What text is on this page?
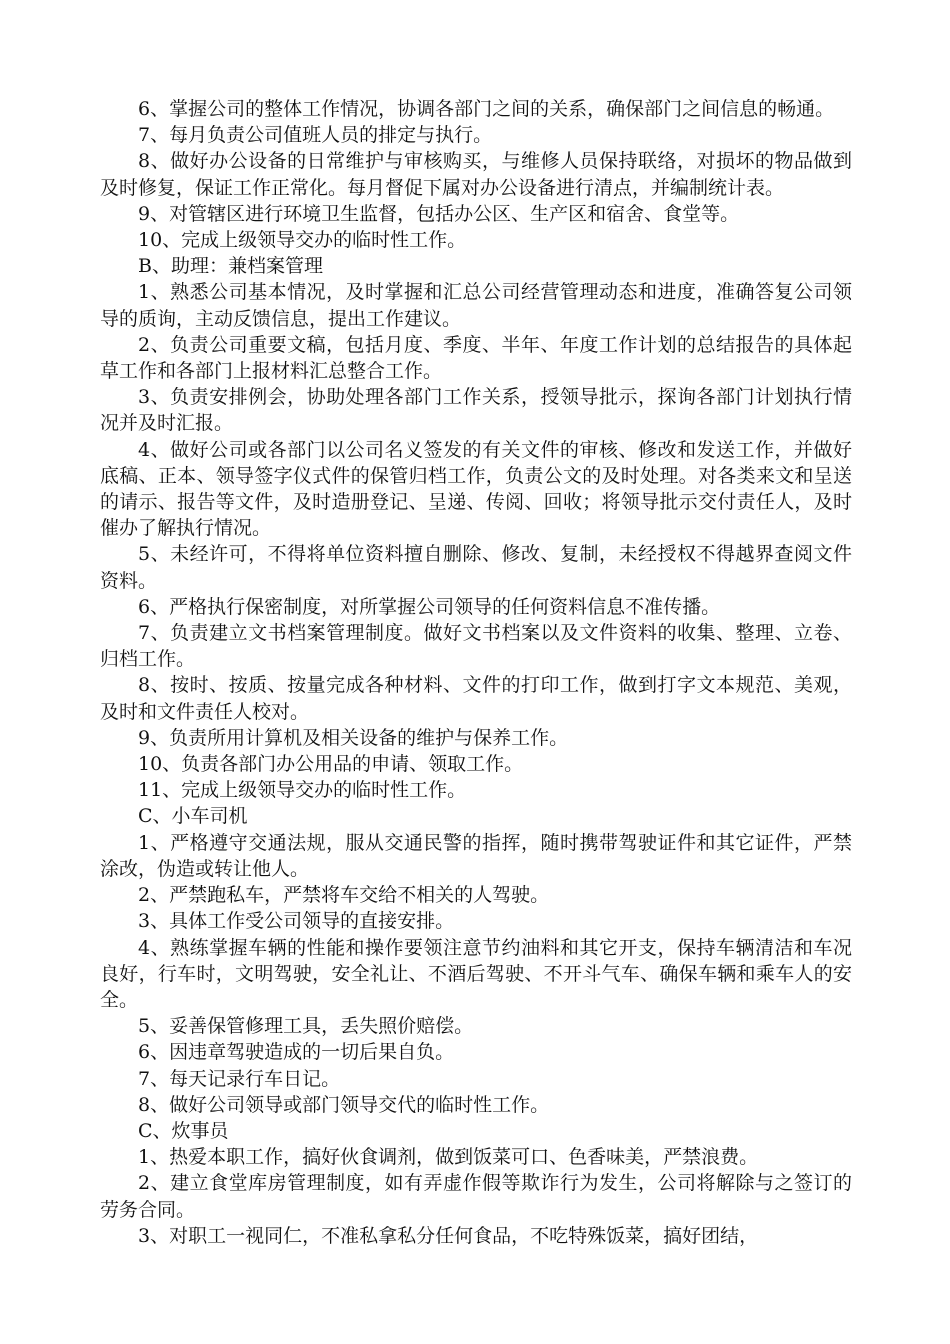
6、掌握公司的整体工作情况，协调各部门之间的关系，确保部门之间信息的畅通。

7、每月负责公司值班人员的排定与执行。

8、做好办公设备的日常维护与审核购买，与维修人员保持联络，对损坏的物品做到及时修复，保证工作正常化。每月督促下属对办公设备进行清点，并编制统计表。

9、对管辖区进行环境卫生监督，包括办公区、生产区和宿舍、食堂等。

10、完成上级领导交办的临时性工作。

B、助理：兼档案管理

1、熟悉公司基本情况，及时掌握和汇总公司经营管理动态和进度，准确答复公司领导的质询，主动反馈信息，提出工作建议。

2、负责公司重要文稿，包括月度、季度、半年、年度工作计划的总结报告的具体起草工作和各部门上报材料汇总整合工作。

3、负责安排例会，协助处理各部门工作关系，授领导批示，探询各部门计划执行情况并及时汇报。

4、做好公司或各部门以公司名义签发的有关文件的审核、修改和发送工作，并做好底稿、正本、领导签字仪式件的保管归档工作，负责公文的及时处理。对各类来文和呈送的请示、报告等文件，及时造册登记、呈递、传阅、回收；将领导批示交付责任人，及时催办了解执行情况。

5、未经许可，不得将单位资料擅自删除、修改、复制，未经授权不得越界查阅文件资料。

6、严格执行保密制度，对所掌握公司领导的任何资料信息不准传播。

7、负责建立文书档案管理制度。做好文书档案以及文件资料的收集、整理、立卷、归档工作。

8、按时、按质、按量完成各种材料、文件的打印工作，做到打字文本规范、美观，及时和文件责任人校对。

9、负责所用计算机及相关设备的维护与保养工作。

10、负责各部门办公用品的申请、领取工作。

11、完成上级领导交办的临时性工作。

C、小车司机

1、严格遵守交通法规，服从交通民警的指挥，随时携带驾驶证件和其它证件，严禁涂改，伪造或转让他人。

2、严禁跑私车，严禁将车交给不相关的人驾驶。

3、具体工作受公司领导的直接安排。

4、熟练掌握车辆的性能和操作要领注意节约油料和其它开支，保持车辆清洁和车况良好，行车时，文明驾驶，安全礼让、不酒后驾驶、不开斗气车、确保车辆和乘车人的安全。

5、妥善保管修理工具，丢失照价赔偿。

6、因违章驾驶造成的一切后果自负。

7、每天记录行车日记。

8、做好公司领导或部门领导交代的临时性工作。

C、炊事员

1、热爱本职工作，搞好伙食调剂，做到饭菜可口、色香味美，严禁浪费。

2、建立食堂库房管理制度，如有弄虚作假等欺诈行为发生，公司将解除与之签订的劳务合同。

3、对职工一视同仁，不准私拿私分任何食品，不吃特殊饭菜，搞好团结，
